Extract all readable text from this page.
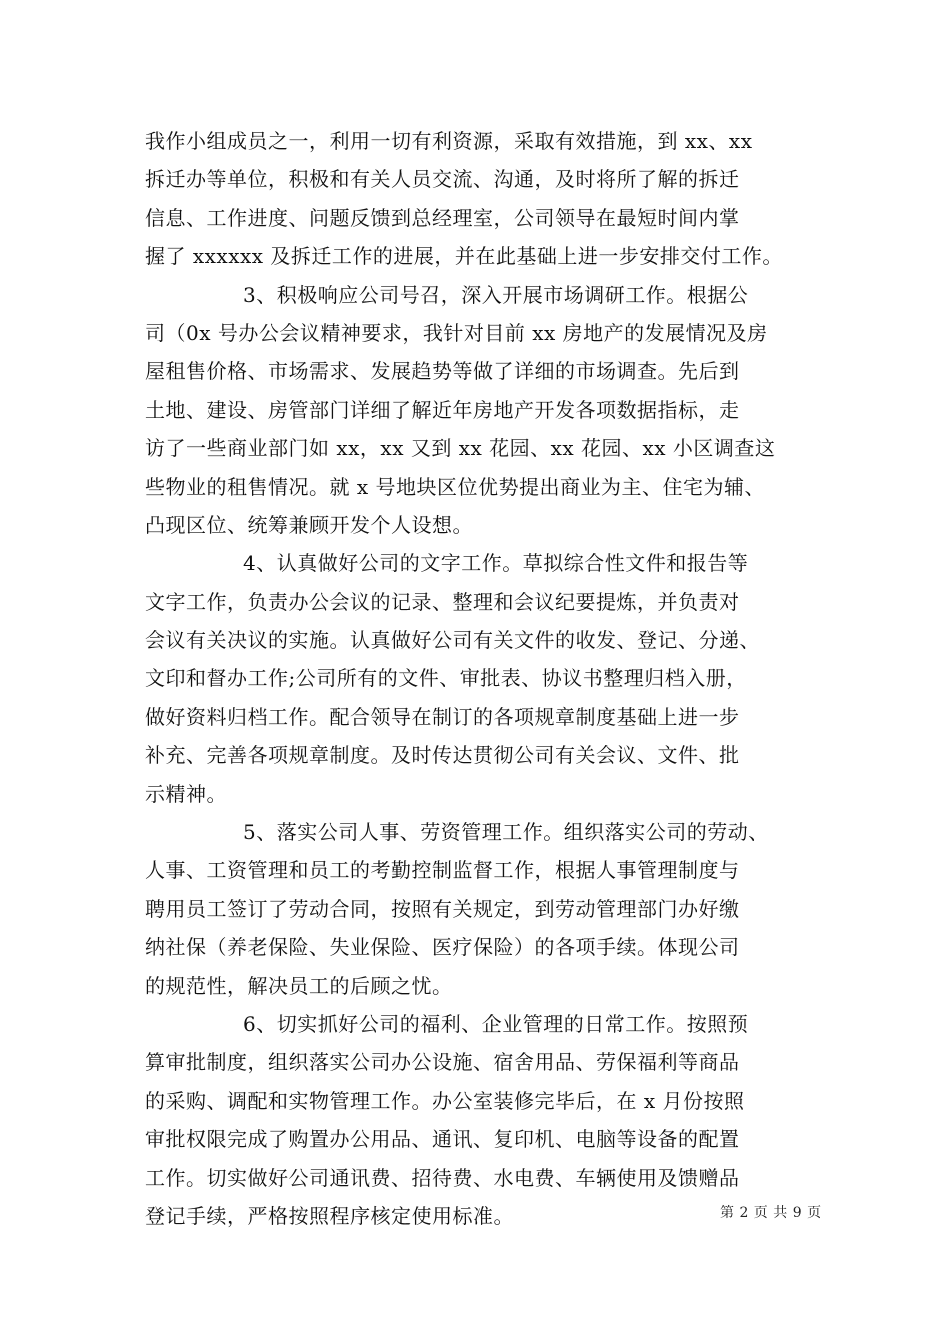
我作小组成员之一，利用一切有利资源，采取有效措施，到 xx、xx
拆迁办等单位，积极和有关人员交流、沟通，及时将所了解的拆迁
信息、工作进度、问题反馈到总经理室，公司领导在最短时间内掌
握了 xxxxxx 及拆迁工作的进展，并在此基础上进一步安排交付工作。
3、积极响应公司号召，深入开展市场调研工作。根据公
司（0x 号办公会议精神要求，我针对目前 xx 房地产的发展情况及房
屋租售价格、市场需求、发展趋势等做了详细的市场调查。先后到
土地、建设、房管部门详细了解近年房地产开发各项数据指标，走
访了一些商业部门如 xx，xx 又到 xx 花园、xx 花园、xx 小区调查这
些物业的租售情况。就 x 号地块区位优势提出商业为主、住宅为辅、
凸现区位、统筹兼顾开发个人设想。
4、认真做好公司的文字工作。草拟综合性文件和报告等
文字工作，负责办公会议的记录、整理和会议纪要提炼，并负责对
会议有关决议的实施。认真做好公司有关文件的收发、登记、分递、
文印和督办工作;公司所有的文件、审批表、协议书整理归档入册，
做好资料归档工作。配合领导在制订的各项规章制度基础上进一步
补充、完善各项规章制度。及时传达贯彻公司有关会议、文件、批
示精神。
5、落实公司人事、劳资管理工作。组织落实公司的劳动、
人事、工资管理和员工的考勤控制监督工作，根据人事管理制度与
聘用员工签订了劳动合同，按照有关规定，到劳动管理部门办好缴
纳社保（养老保险、失业保险、医疗保险）的各项手续。体现公司
的规范性，解决员工的后顾之忧。
6、切实抓好公司的福利、企业管理的日常工作。按照预
算审批制度，组织落实公司办公设施、宿舍用品、劳保福利等商品
的采购、调配和实物管理工作。办公室装修完毕后，在 x 月份按照
审批权限完成了购置办公用品、通讯、复印机、电脑等设备的配置
工作。切实做好公司通讯费、招待费、水电费、车辆使用及馈赠品
登记手续，严格按照程序核定使用标准。	第 2 页 共 9 页
